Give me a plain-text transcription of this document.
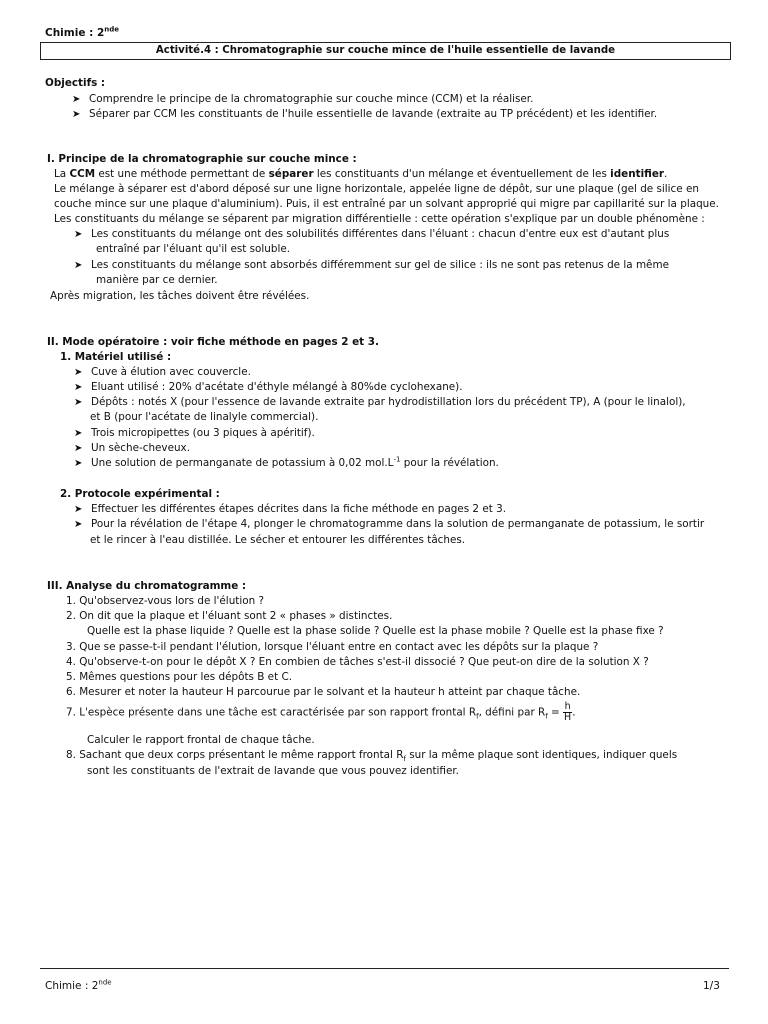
Chimie : 2nde
Activité.4 : Chromatographie sur couche mince de l'huile essentielle de lavande
Objectifs :
➤ Comprendre le principe de la chromatographie sur couche mince (CCM) et la réaliser.
➤ Séparer par CCM les constituants de l'huile essentielle de lavande (extraite au TP précédent) et les identifier.
I. Principe de la chromatographie sur couche mince :
La CCM est une méthode permettant de séparer les constituants d'un mélange et éventuellement de les identifier.
Le mélange à séparer est d'abord déposé sur une ligne horizontale, appelée ligne de dépôt, sur une plaque (gel de silice en
couche mince sur une plaque d'aluminium). Puis, il est entraîné par un solvant approprié qui migre par capillarité sur la plaque.
Les constituants du mélange se séparent par migration différentielle : cette opération s'explique par un double phénomène :
➤ Les constituants du mélange ont des solubilités différentes dans l'éluant : chacun d'entre eux est d'autant plus
entraîné par l'éluant qu'il est soluble.
➤ Les constituants du mélange sont absorbés différemment sur gel de silice : ils ne sont pas retenus de la même
manière par ce dernier.
Après migration, les tâches doivent être révélées.
II. Mode opératoire : voir fiche méthode en pages 2 et 3.
1. Matériel utilisé :
➤ Cuve à élution avec couvercle.
➤ Eluant utilisé : 20% d'acétate d'éthyle mélangé à 80%de cyclohexane).
➤ Dépôts : notés X (pour l'essence de lavande extraite par hydrodistillation lors du précédent TP), A (pour le linalol),
et B (pour l'acétate de linalyle commercial).
➤ Trois micropipettes (ou 3 piques à apéritif).
➤ Un sèche-cheveux.
➤ Une solution de permanganate de potassium à 0,02 $mol.L^{-1}$ pour la révélation.
2. Protocole expérimental :
➤ Effectuer les différentes étapes décrites dans la fiche méthode en pages 2 et 3.
➤ Pour la révélation de l'étape 4, plonger le chromatogramme dans la solution de permanganate de potassium, le sortir
et le rincer à l'eau distillée. Le sécher et entourer les différentes tâches.
III. Analyse du chromatogramme :
1. Qu'observez-vous lors de l'élution ?
2. On dit que la plaque et l'éluant sont 2 « phases » distinctes.
Quelle est la phase liquide ? Quelle est la phase solide ? Quelle est la phase mobile ? Quelle est la phase fixe ?
3. Que se passe-t-il pendant l'élution, lorsque l'éluant entre en contact avec les dépôts sur la plaque ?
4. Qu'observe-t-on pour le dépôt X ? En combien de tâches s'est-il dissocié ? Que peut-on dire de la solution X ?
5. Mêmes questions pour les dépôts B et C.
6. Mesurer et noter la hauteur H parcourue par le solvant et la hauteur h atteint par chaque tâche.
7. L'espèce présente dans une tâche est caractérisée par son rapport frontal $R_f$, défini par $R_f = \frac{h}{H}$ .
Calculer le rapport frontal de chaque tâche.
8. Sachant que deux corps présentant le même rapport frontal $R_f$ sur la même plaque sont identiques, indiquer quels
sont les constituants de l'extrait de lavande que vous pouvez identifier.
Chimie : 2nde	1/3
